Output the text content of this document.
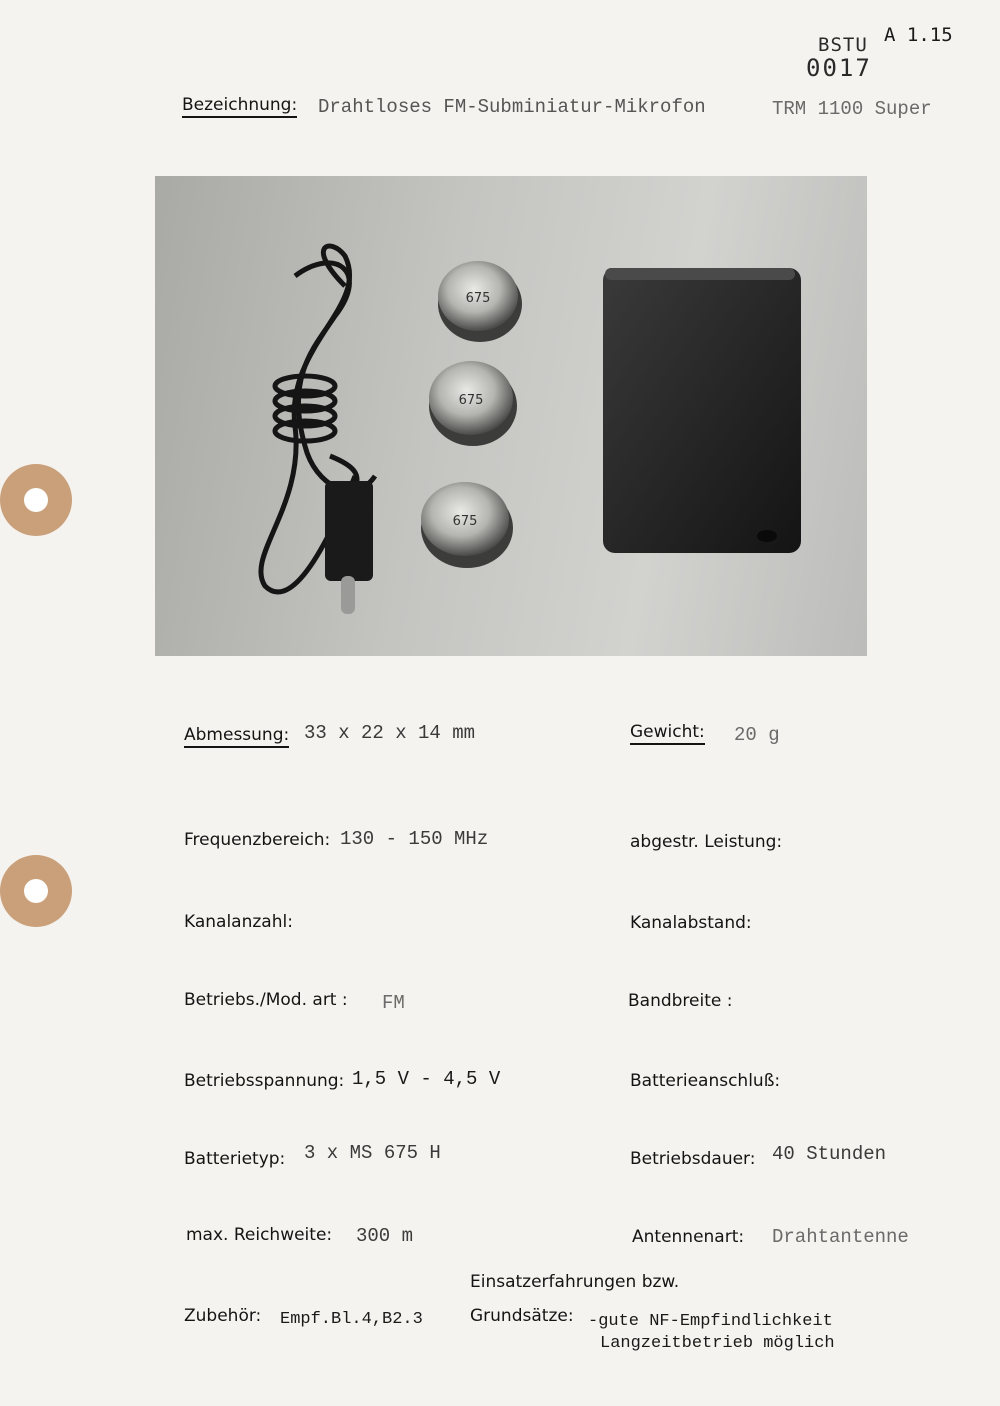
A 1.15
BSTU
0017
Bezeichnung: Drahtloses FM-Subminiatur-Mikrofon	TRM 1100 Super
675
675
675
Abmessung: 33 x 22 x 14 mm	Gewicht: 20 g
Frequenzbereich: 130 - 150 MHz	abgestr. Leistung:
Kanalanzahl:	Kanalabstand:
Betriebs./Mod. art : FM	Bandbreite :
Betriebsspannung: 1,5 V - 4,5 V	Batterieanschluß:
Batterietyp: 3 x MS 675 H	Betriebsdauer: 40 Stunden
max. Reichweite: 300 m	Antennenart: Drahtantenne
Einsatzerfahrungen bzw.
Zubehör: Empf.Bl.4,B2.3	Grundsätze: -gute NF-Empfindlichkeit
Langzeitbetrieb möglich
